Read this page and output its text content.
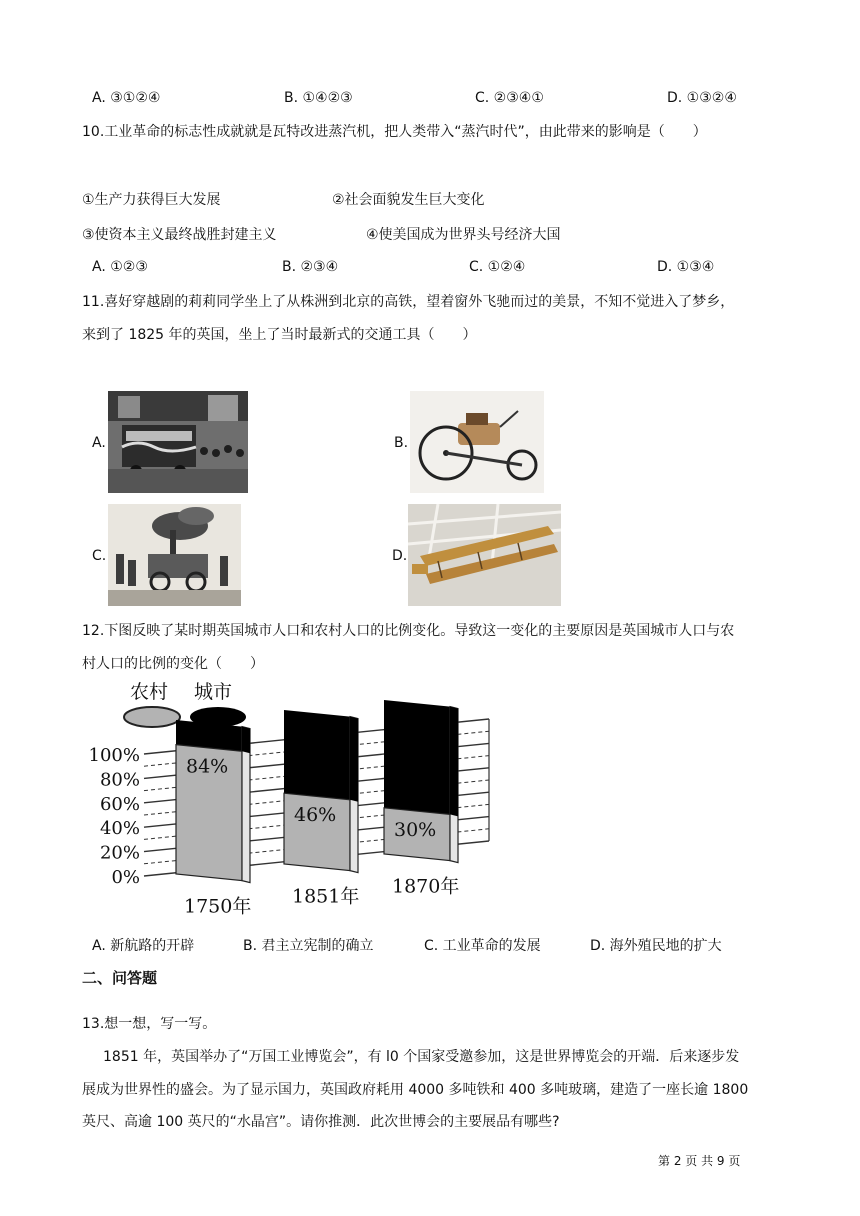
A. ③①②④	B. ①④②③	C. ②③④①	D. ①③②④
10.工业革命的标志性成就就是瓦特改进蒸汽机，把人类带入“蒸汽时代”，由此带来的影响是（　　）
①生产力获得巨大发展	②社会面貌发生巨大变化
③使资本主义最终战胜封建主义	④使美国成为世界头号经济大国
A. ①②③	B. ②③④	C. ①②④	D. ①③④
11.喜好穿越剧的莉莉同学坐上了从株洲到北京的高铁，望着窗外飞驰而过的美景，不知不觉进入了梦乡，
来到了 1825 年的英国，坐上了当时最新式的交通工具（　　）
A.	B.
C.	D.
12.下图反映了某时期英国城市人口和农村人口的比例变化。导致这一变化的主要原因是英国城市人口与农
村人口的比例的变化（　　）
农村 城市
100%
80%
60%
40%
20%
0%
84%
46%
30%
1750年 1851年 1870年
A. 新航路的开辟	B. 君主立宪制的确立	C. 工业革命的发展	D. 海外殖民地的扩大
二、问答题
13.想一想，写一写。
1851 年，英国举办了“万国工业博览会”，有 l0 个国家受邀参加，这是世界博览会的开端．后来逐步发
展成为世界性的盛会。为了显示国力，英国政府耗用 4000 多吨铁和 400 多吨玻璃，建造了一座长逾 1800
英尺、高逾 100 英尺的“水晶宫”。请你推测．此次世博会的主要展品有哪些?
第 2 页 共 9 页
